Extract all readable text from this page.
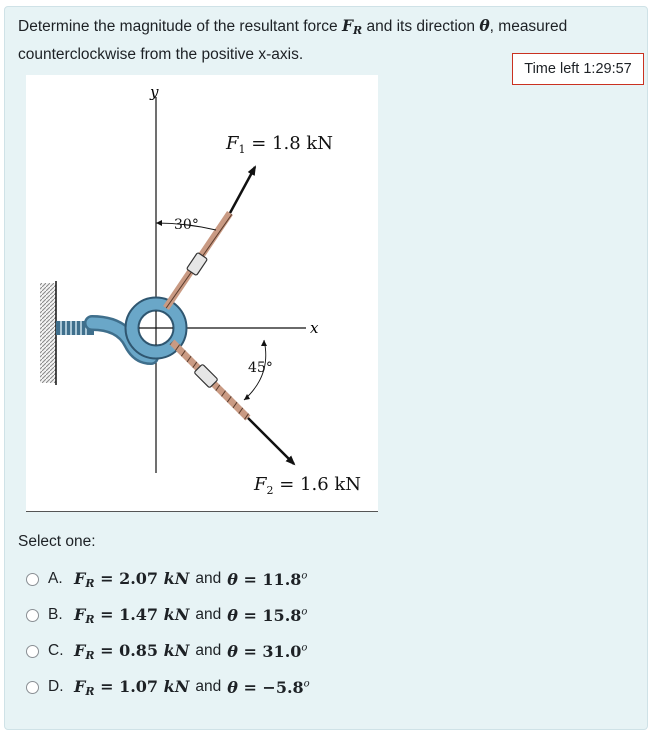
Determine the magnitude of the resultant force $F_R$ and its direction θ, measured counterclockwise from the positive x-axis.
Time left 1:29:57
y
x
30°
45°
$F_1 = 1.8$ kN
$F_2 = 1.6$ kN
Select one:
A. $F_R = 2.07$ kN and $\theta = 11.8^o$
B. $F_R = 1.47$ kN and $\theta = 15.8^o$
C. $F_R = 0.85$ kN and $\theta = 31.0^o$
D. $F_R = 1.07$ kN and $\theta = -5.8^o$
